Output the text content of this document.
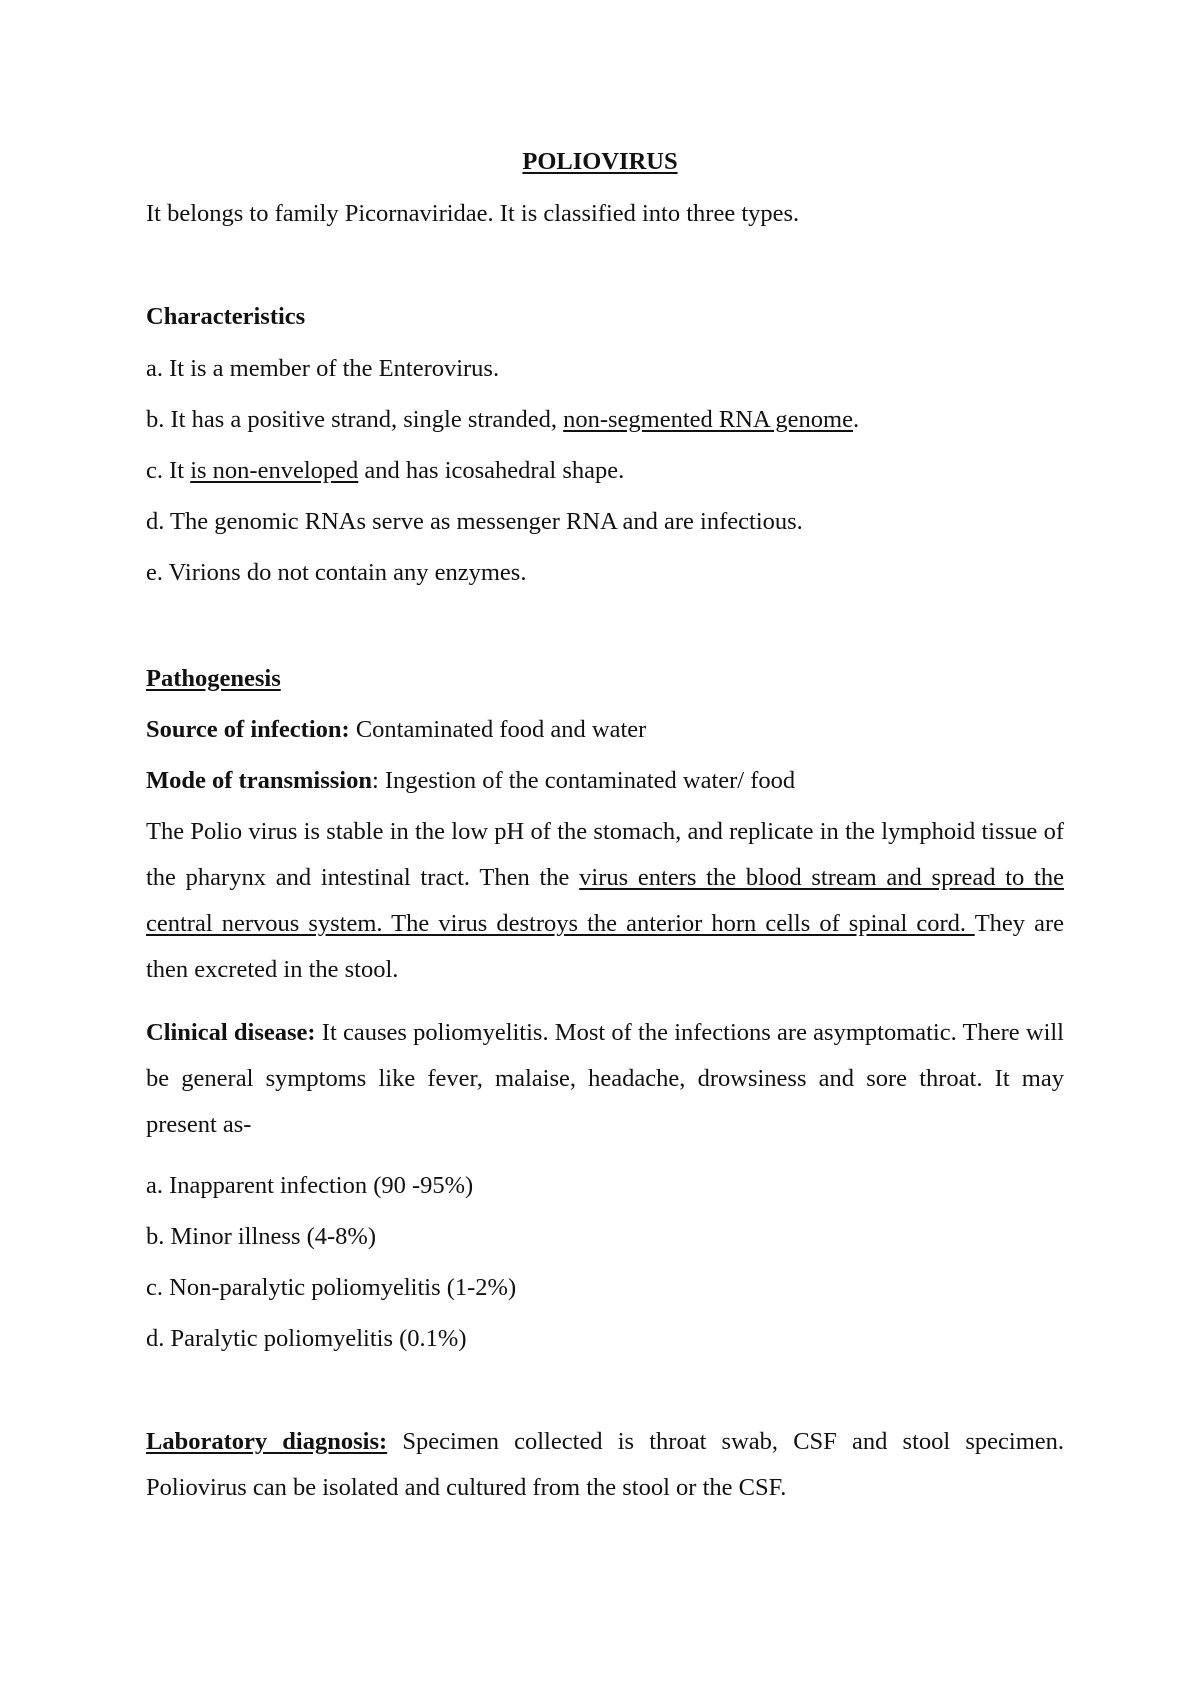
POLIOVIRUS
It belongs to family Picornaviridae. It is classified into three types.
Characteristics
a. It is a member of the Enterovirus.
b. It has a positive strand, single stranded, non-segmented RNA genome.
c. It is non-enveloped and has icosahedral shape.
d. The genomic RNAs serve as messenger RNA and are infectious.
e. Virions do not contain any enzymes.
Pathogenesis
Source of infection: Contaminated food and water
Mode of transmission: Ingestion of the contaminated water/ food
The Polio virus is stable in the low pH of the stomach, and replicate in the lymphoid tissue of the pharynx and intestinal tract. Then the virus enters the blood stream and spread to the central nervous system. The virus destroys the anterior horn cells of spinal cord. They are then excreted in the stool.
Clinical disease: It causes poliomyelitis. Most of the infections are asymptomatic. There will be general symptoms like fever, malaise, headache, drowsiness and sore throat. It may present as-
a. Inapparent infection (90 -95%)
b. Minor illness (4-8%)
c. Non-paralytic poliomyelitis (1-2%)
d. Paralytic poliomyelitis (0.1%)
Laboratory diagnosis: Specimen collected is throat swab, CSF and stool specimen. Poliovirus can be isolated and cultured from the stool or the CSF.
